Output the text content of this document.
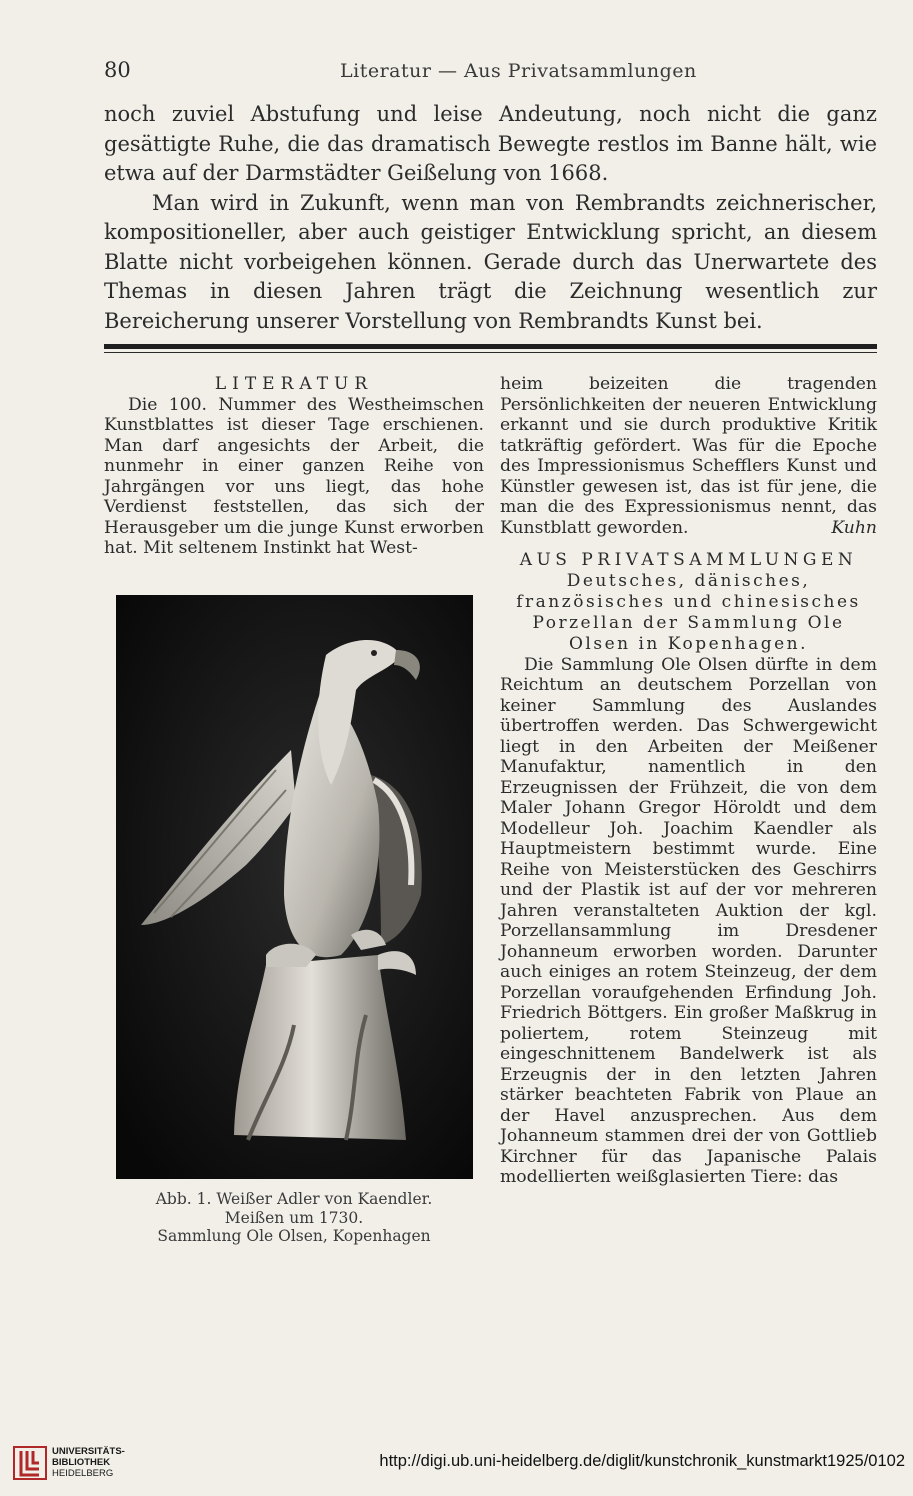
80	Literatur — Aus Privatsammlungen

noch zuviel Abstufung und leise Andeutung, noch nicht die ganz gesättigte Ruhe, die das dramatisch Bewegte restlos im Banne hält, wie etwa auf der Darmstädter Geißelung von 1668.

Man wird in Zukunft, wenn man von Rembrandts zeichnerischer, kompositioneller, aber auch geistiger Entwicklung spricht, an diesem Blatte nicht vorbeigehen können. Gerade durch das Unerwartete des Themas in diesen Jahren trägt die Zeichnung wesentlich zur Bereicherung unserer Vorstellung von Rembrandts Kunst bei.

LITERATUR

Die 100. Nummer des Westheimschen Kunstblattes ist dieser Tage erschienen. Man darf angesichts der Arbeit, die nunmehr in einer ganzen Reihe von Jahrgängen vor uns liegt, das hohe Verdienst feststellen, das sich der Herausgeber um die junge Kunst erworben hat. Mit seltenem Instinkt hat West-

Abb. 1. Weißer Adler von Kaendler.
Meißen um 1730.
Sammlung Ole Olsen, Kopenhagen

heim beizeiten die tragenden Persönlichkeiten der neueren Entwicklung erkannt und sie durch produktive Kritik tatkräftig gefördert. Was für die Epoche des Impressionismus Schefflers Kunst und Künstler gewesen ist, das ist für jene, die man die des Expressionismus nennt, das Kunstblatt geworden.	Kuhn

AUS PRIVATSAMMLUNGEN

Deutsches, dänisches, französisches und chinesisches Porzellan der Sammlung Ole Olsen in Kopenhagen.

Die Sammlung Ole Olsen dürfte in dem Reichtum an deutschem Porzellan von keiner Sammlung des Auslandes übertroffen werden. Das Schwergewicht liegt in den Arbeiten der Meißener Manufaktur, namentlich in den Erzeugnissen der Frühzeit, die von dem Maler Johann Gregor Höroldt und dem Modelleur Joh. Joachim Kaendler als Hauptmeistern bestimmt wurde. Eine Reihe von Meisterstücken des Geschirrs und der Plastik ist auf der vor mehreren Jahren veranstalteten Auktion der kgl. Porzellansammlung im Dresdener Johanneum erworben worden. Darunter auch einiges an rotem Steinzeug, der dem Porzellan voraufgehenden Erfindung Joh. Friedrich Böttgers. Ein großer Maßkrug in poliertem, rotem Steinzeug mit eingeschnittenem Bandelwerk ist als Erzeugnis der in den letzten Jahren stärker beachteten Fabrik von Plaue an der Havel anzusprechen. Aus dem Johanneum stammen drei der von Gottlieb Kirchner für das Japanische Palais modellierten weißglasierten Tiere: das

UNIVERSITÄTS-
BIBLIOTHEK
HEIDELBERG
http://digi.ub.uni-heidelberg.de/diglit/kunstchronik_kunstmarkt1925/0102
